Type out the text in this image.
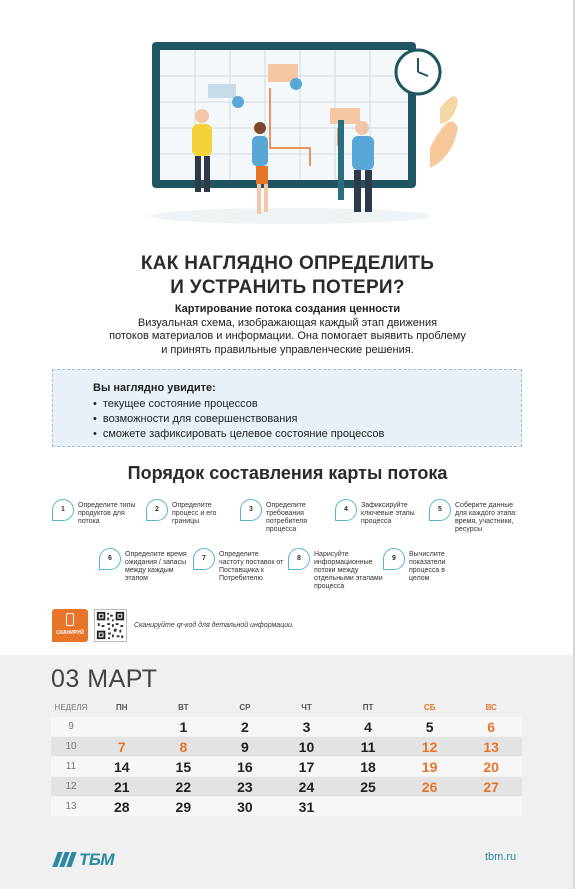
КАК НАГЛЯДНО ОПРЕДЕЛИТЬ
И УСТРАНИТЬ ПОТЕРИ?
Картирование потока создания ценности
Визуальная схема, изображающая каждый этап движения
потоков материалов и информации. Она помогает выявить проблему
и принять правильные управленческие решения.
Вы наглядно увидите:
• текущее состояние процессов
• возможности для совершенствования
• сможете зафиксировать целевое состояние процессов
Порядок составления карты потока
1
Определите типы продуктов для потока
2
Определите процесс и его границы
3
Определите требования потребителя процесса
4
Зафиксируйте ключевые этапы процесса
5
Соберите данные для каждого этапа: время, участники, ресурсы
6
Определите время ожидания / запасы между каждым этапом
7
Определите частоту поставок от Поставщика к Потребителю
8
Нарисуйте информационные потоки между отдельными этапами процесса
9
Вычислите показатели процесса в целом
СКАНИРУЙ
Сканируйте qr-код для детальной информации.
03 МАРТ
НЕДЕЛЯ	ПН	ВТ	СР	ЧТ	ПТ	СБ	ВС
9		1	2	3	4	5	6
10	7	8	9	10	11	12	13
11	14	15	16	17	18	19	20
12	21	22	23	24	25	26	27
13	28	29	30	31			
ТБМ	tbm.ru
